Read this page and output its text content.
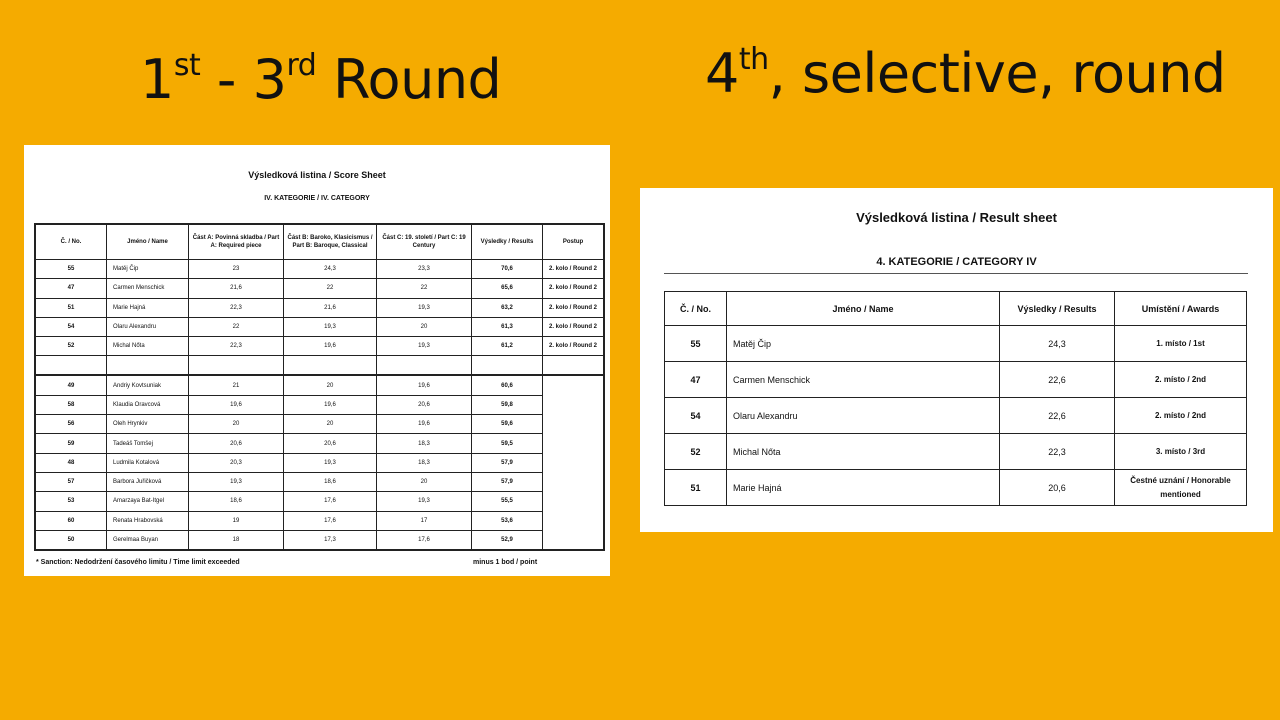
1st - 3rd Round	4th, selective, round
Výsledková listina / Score Sheet
IV. KATEGORIE / IV. CATEGORY
Č. / No.	Jméno / Name	Část A: Povinná skladba / Part A: Required piece	Část B: Baroko, Klasicismus / Part B: Baroque, Classical	Část C: 19. století / Part C: 19 Century	Výsledky / Results	Postup
55	Matěj Čip	23	24,3	23,3	70,6	2. kolo / Round 2
47	Carmen Menschick	21,6	22	22	65,6	2. kolo / Round 2
51	Marie Hajná	22,3	21,6	19,3	63,2	2. kolo / Round 2
54	Olaru Alexandru	22	19,3	20	61,3	2. kolo / Round 2
52	Michal Nőta	22,3	19,6	19,3	61,2	2. kolo / Round 2

49	Andriy Kovtsuniak	21	20	19,6	60,6	
58	Klaudia Oravcová	19,6	19,6	20,6	59,8	
56	Oleh Hrynkiv	20	20	19,6	59,6	
59	Tadeáš Tomšej	20,6	20,6	18,3	59,5	
48	Ludmila Kotalová	20,3	19,3	18,3	57,9	
57	Barbora Juřičková	19,3	18,6	20	57,9	
53	Amarzaya Bat-Itgel	18,6	17,6	19,3	55,5	
60	Renata Hrabovská	19	17,6	17	53,6	
50	Gerelmaa Buyan	18	17,3	17,6	52,9	
* Sanction: Nedodržení časového limitu / Time limit exceeded	minus 1 bod / point
Výsledková listina / Result sheet
4. KATEGORIE / CATEGORY IV
Č. / No.	Jméno / Name	Výsledky / Results	Umístění / Awards
55	Matěj Čip	24,3	1. místo / 1st
47	Carmen Menschick	22,6	2. místo / 2nd
54	Olaru Alexandru	22,6	2. místo / 2nd
52	Michal Nőta	22,3	3. místo / 3rd
51	Marie Hajná	20,6	Čestné uznání / Honorable mentioned
